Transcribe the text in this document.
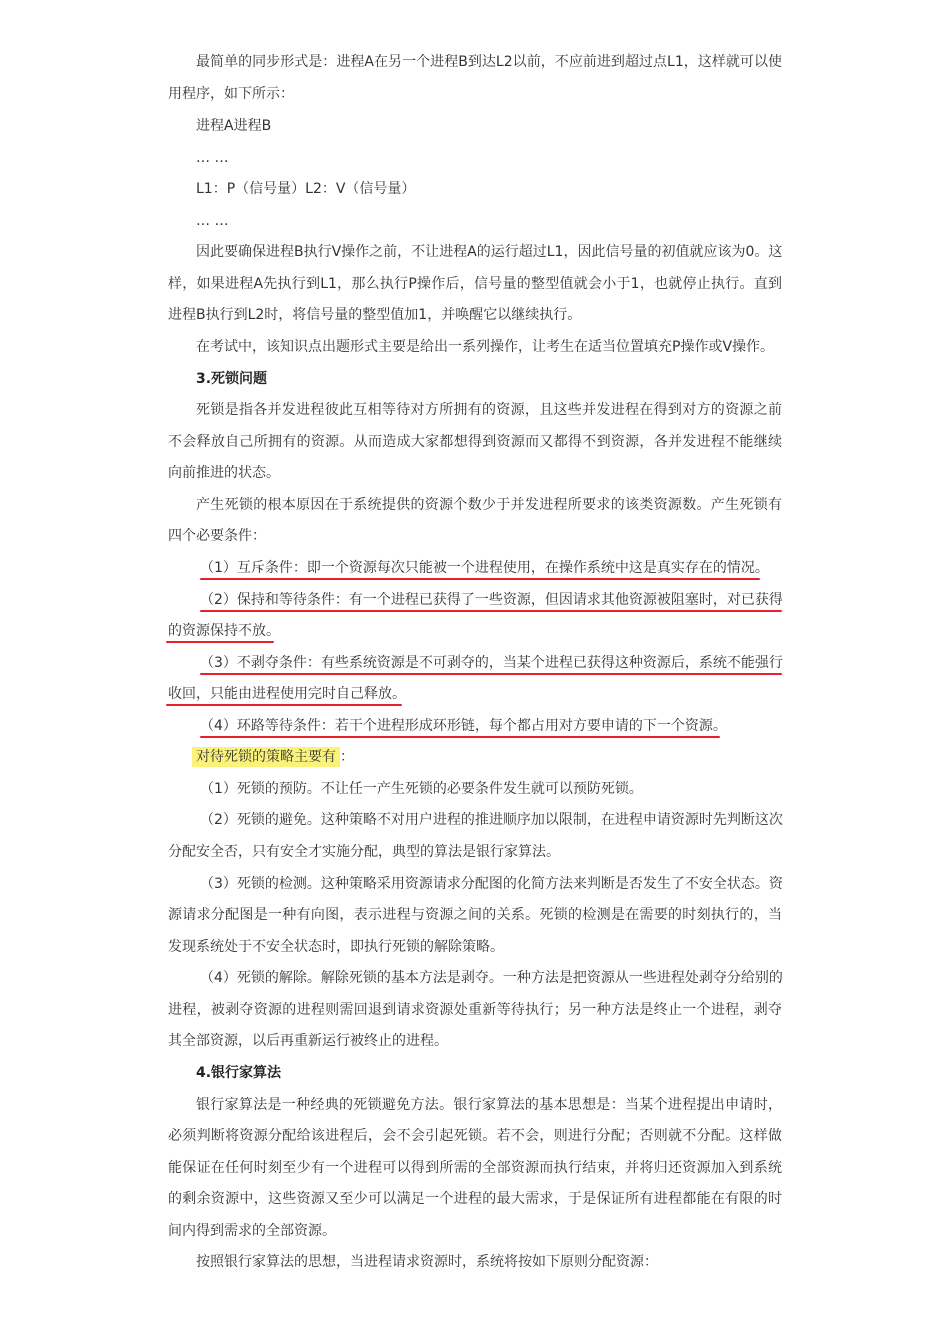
最简单的同步形式是：进程A在另一个进程B到达L2以前，不应前进到超过点L1，这样就可以使
用程序，如下所示：
进程A进程B
… …
L1：P（信号量）L2：V（信号量）
… …
因此要确保进程B执行V操作之前，不让进程A的运行超过L1，因此信号量的初值就应该为0。这
样，如果进程A先执行到L1，那么执行P操作后，信号量的整型值就会小于1，也就停止执行。直到
进程B执行到L2时，将信号量的整型值加1，并唤醒它以继续执行。
在考试中，该知识点出题形式主要是给出一系列操作，让考生在适当位置填充P操作或V操作。
3.死锁问题
死锁是指各并发进程彼此互相等待对方所拥有的资源，且这些并发进程在得到对方的资源之前
不会释放自己所拥有的资源。从而造成大家都想得到资源而又都得不到资源，各并发进程不能继续
向前推进的状态。
产生死锁的根本原因在于系统提供的资源个数少于并发进程所要求的该类资源数。产生死锁有
四个必要条件：
（1）互斥条件：即一个资源每次只能被一个进程使用，在操作系统中这是真实存在的情况。
（2）保持和等待条件：有一个进程已获得了一些资源，但因请求其他资源被阻塞时，对已获得
的资源保持不放。
（3）不剥夺条件：有些系统资源是不可剥夺的，当某个进程已获得这种资源后，系统不能强行
收回，只能由进程使用完时自己释放。
（4）环路等待条件：若干个进程形成环形链，每个都占用对方要申请的下一个资源。
对待死锁的策略主要有 ：
（1）死锁的预防。不让任一产生死锁的必要条件发生就可以预防死锁。
（2）死锁的避免。这种策略不对用户进程的推进顺序加以限制，在进程申请资源时先判断这次
分配安全否，只有安全才实施分配，典型的算法是银行家算法。
（3）死锁的检测。这种策略采用资源请求分配图的化简方法来判断是否发生了不安全状态。资
源请求分配图是一种有向图，表示进程与资源之间的关系。死锁的检测是在需要的时刻执行的，当
发现系统处于不安全状态时，即执行死锁的解除策略。
（4）死锁的解除。解除死锁的基本方法是剥夺。一种方法是把资源从一些进程处剥夺分给别的
进程，被剥夺资源的进程则需回退到请求资源处重新等待执行；另一种方法是终止一个进程，剥夺
其全部资源，以后再重新运行被终止的进程。
4.银行家算法
银行家算法是一种经典的死锁避免方法。银行家算法的基本思想是：当某个进程提出申请时，
必须判断将资源分配给该进程后，会不会引起死锁。若不会，则进行分配；否则就不分配。这样做
能保证在任何时刻至少有一个进程可以得到所需的全部资源而执行结束，并将归还资源加入到系统
的剩余资源中，这些资源又至少可以满足一个进程的最大需求，于是保证所有进程都能在有限的时
间内得到需求的全部资源。
按照银行家算法的思想，当进程请求资源时，系统将按如下原则分配资源：
